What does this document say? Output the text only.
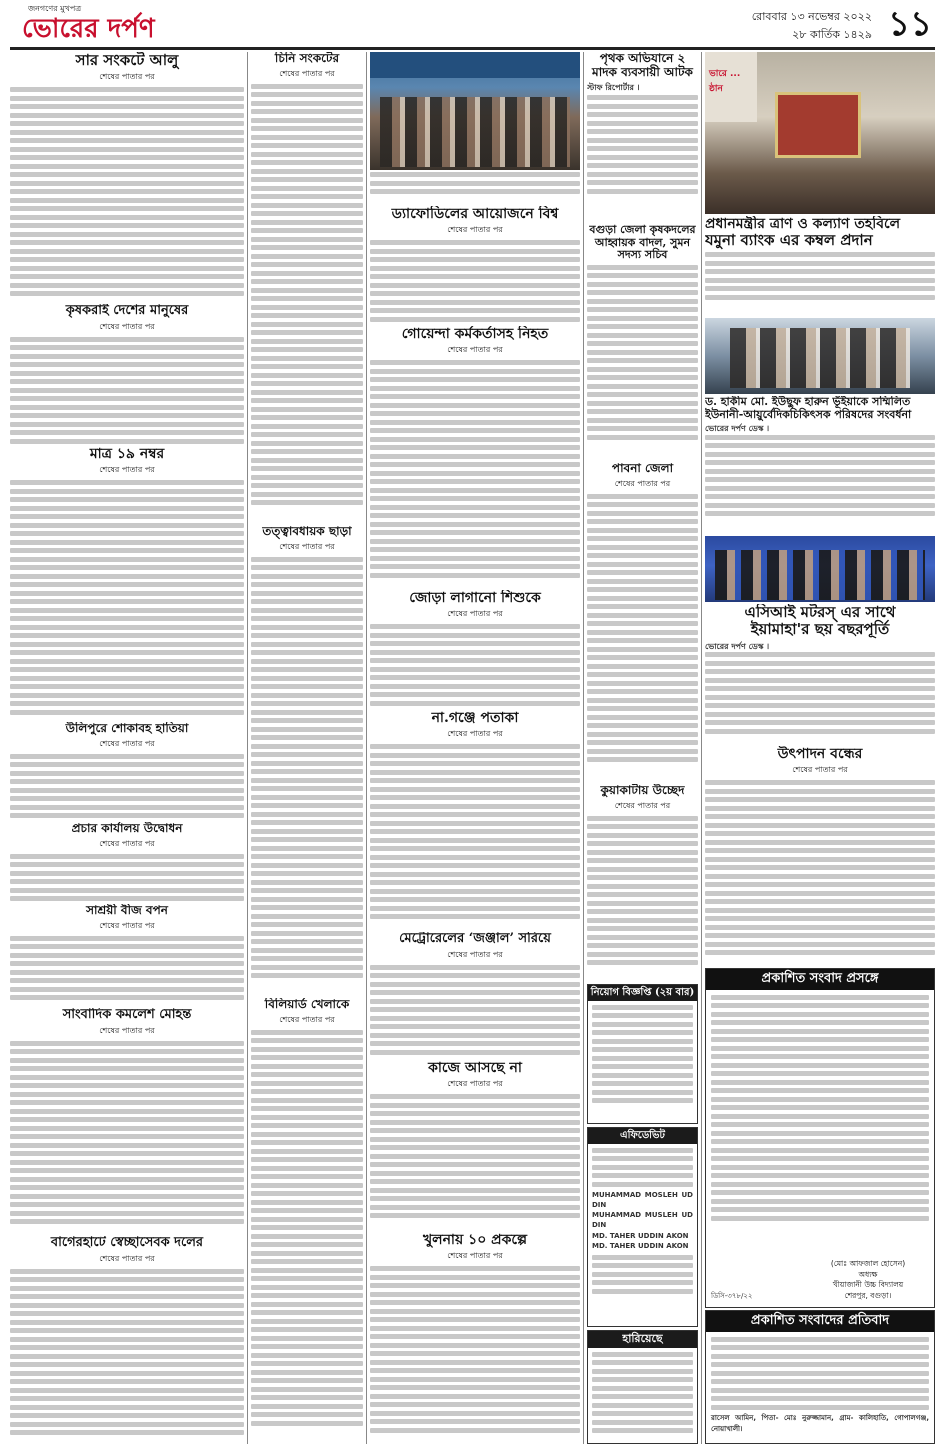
জনগণের মুখপত্র
ভোরের দর্পণ	রোববার ১৩ নভেম্বর ২০২২
২৮ কার্তিক ১৪২৯ ১১
সার সংকটে আলু
শেষের পাতার পর
কৃষকরাই দেশের মানুষের
শেষের পাতার পর
মাত্র ১৯ নম্বর
শেষের পাতার পর
উলিপুরে শোকাবহ হাতিয়া
শেষের পাতার পর
প্রচার কার্যালয় উদ্বোধন
শেষের পাতার পর
সাশ্রয়ী বীজ বপন
শেষের পাতার পর
সাংবাদিক কমলেশ মোহন্ত
শেষের পাতার পর
বাগেরহাটে স্বেচ্ছাসেবক দলের
শেষের পাতার পর
চিনি সংকটের
শেষের পাতার পর
তত্ত্বাবধায়ক ছাড়া
শেষের পাতার পর
বিলিয়ার্ড খেলাকে
শেষের পাতার পর
ড্যাফোডিলের আয়োজনে বিশ্ব
শেষের পাতার পর
গোয়েন্দা কর্মকর্তাসহ নিহত
শেষের পাতার পর
জোড়া লাগানো শিশুকে
শেষের পাতার পর
না.গঞ্জে পতাকা
শেষের পাতার পর
মেট্রোরেলের ‘জঞ্জাল’ সরিয়ে
শেষের পাতার পর
কাজে আসছে না
শেষের পাতার পর
খুলনায় ১০ প্রকল্পে
শেষের পাতার পর
পৃথক অভিযানে ২ মাদক ব্যবসায়ী আটক
স্টাফ রিপোর্টার ।
বগুড়া জেলা কৃষকদলের আহ্বায়ক বাদল, সুমন সদস্য সচিব
পাবনা জেলা
শেষের পাতার পর
কুয়াকাটায় উচ্ছেদ
শেষের পাতার পর
নিয়োগ বিজ্ঞপ্তি (২য় বার)
এফিডেভিট
MUHAMMAD MOSLEH UDDIN
MUHAMMAD MUSLEH UDDIN
MD. TAHER UDDIN AKON
MD. TAHER UDDIN AKON
হারিয়েছে
ভারে ... ষ্ঠান
প্রধানমন্ত্রীর ত্রাণ ও কল্যাণ তহবিলে
যমুনা ব্যাংক এর কম্বল প্রদান
ড. হাকীম মো. ইউছুফ হারুন ভূঁইয়াকে সম্মিলিত
ইউনানী-আয়ুর্বেদিকচিকিৎসক পরিষদের সংবর্ধনা
ভোরের দর্পণ ডেস্ক ।
এসিআই মটরস্ এর সাথে
ইয়ামাহা'র ছয় বছরপূর্তি
ভোরের দর্পণ ডেস্ক ।
উৎপাদন বন্ধের
শেষের পাতার পর
প্রকাশিত সংবাদ প্রসঙ্গে
ডিসি-৩৭৮/২২
(মোঃ আফজাল হোসেন)
অধ্যক্ষ
খীয়াজানী উচ্চ বিদ্যালয়
শেরপুর, বগুড়া।
প্রকাশিত সংবাদের প্রতিবাদ
রাসেল আমিন, পিতা- মোঃ নুরুজ্জামান, গ্রাম- কালিহাতি, গোপালগঞ্জ, নোয়াখালী।
